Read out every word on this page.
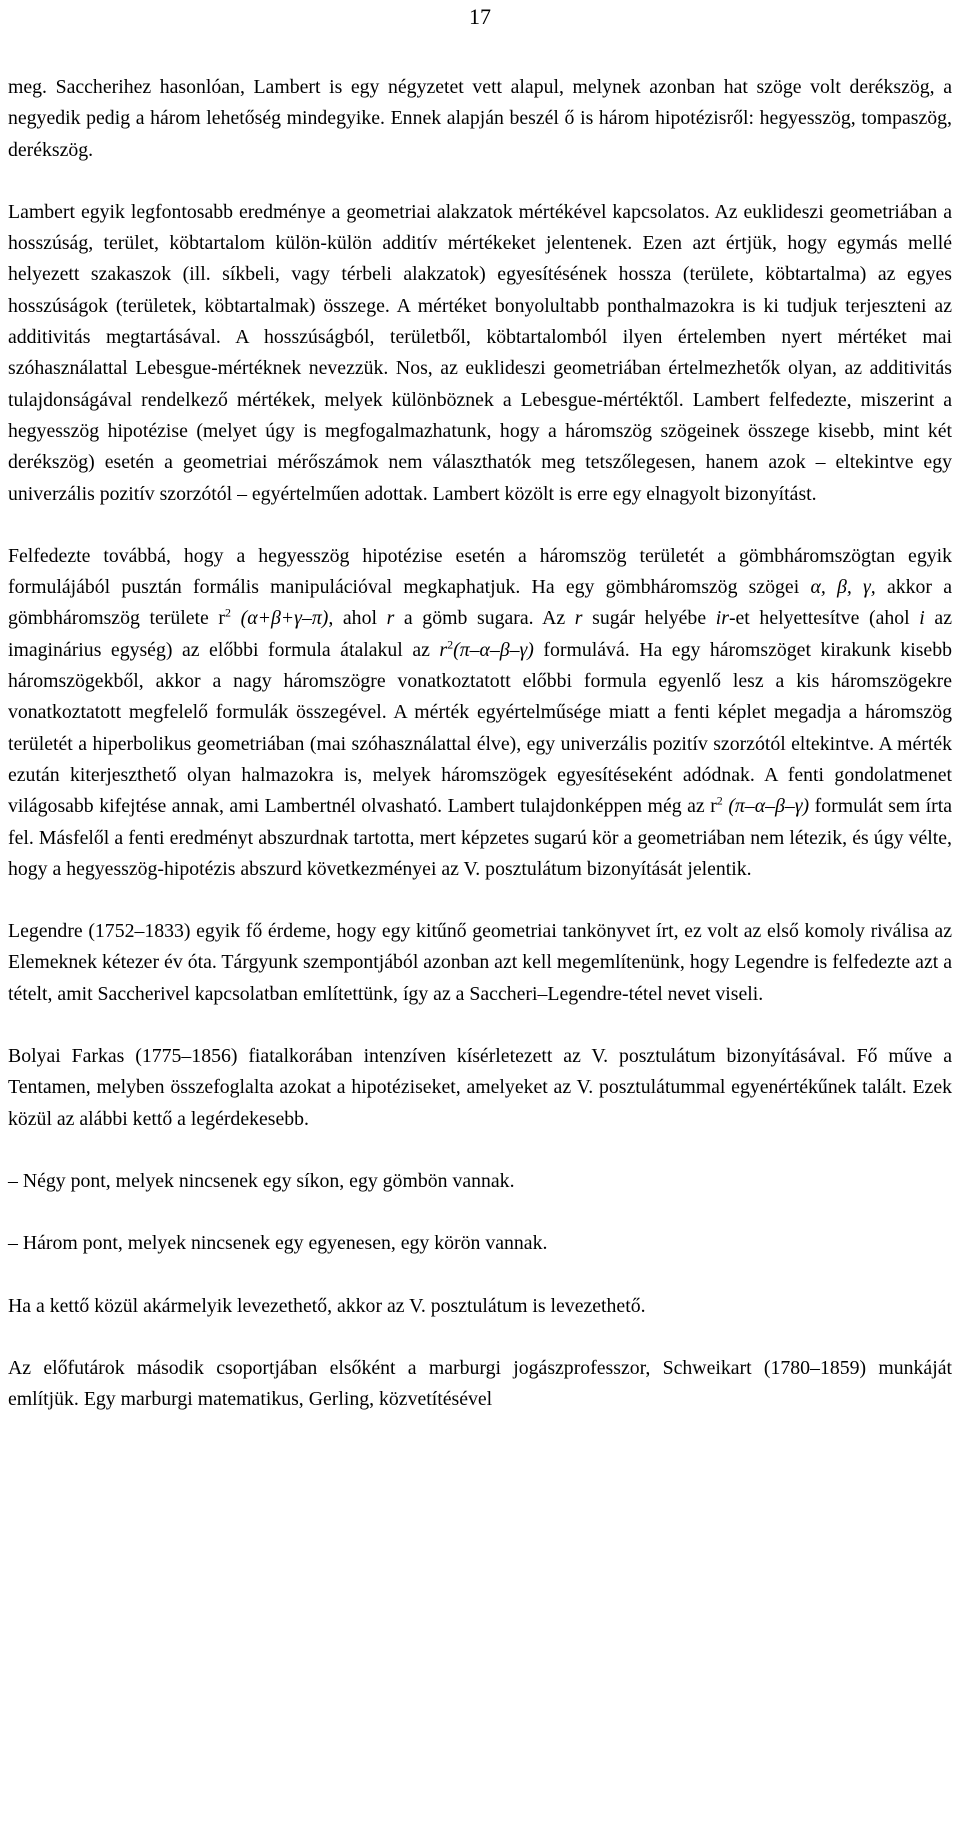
17

meg. Saccherihez hasonlóan, Lambert is egy négyzetet vett alapul, melynek azonban hat szöge volt derékszög, a negyedik pedig a három lehetőség mindegyike. Ennek alapján beszél ő is három hipotézisről: hegyesszög, tompaszög, derékszög.

Lambert egyik legfontosabb eredménye a geometriai alakzatok mértékével kapcsolatos. Az euklideszi geometriában a hosszúság, terület, köbtartalom külön-külön additív mértékeket jelentenek. Ezen azt értjük, hogy egymás mellé helyezett szakaszok (ill. síkbeli, vagy térbeli alakzatok) egyesítésének hossza (területe, köbtartalma) az egyes hosszúságok (területek, köbtartalmak) összege. A mértéket bonyolultabb ponthalmazokra is ki tudjuk terjeszteni az additivitás megtartásával. A hosszúságból, területből, köbtartalomból ilyen értelemben nyert mértéket mai szóhasználattal Lebesgue-mértéknek nevezzük. Nos, az euklideszi geometriában értelmezhetők olyan, az additivitás tulajdonságával rendelkező mértékek, melyek különböznek a Lebesgue-mértéktől. Lambert felfedezte, miszerint a hegyesszög hipotézise (melyet úgy is megfogalmazhatunk, hogy a háromszög szögeinek összege kisebb, mint két derékszög) esetén a geometriai mérőszámok nem választhatók meg tetszőlegesen, hanem azok – eltekintve egy univerzális pozitív szorzótól – egyértelműen adottak. Lambert közölt is erre egy elnagyolt bizonyítást.

Felfedezte továbbá, hogy a hegyesszög hipotézise esetén a háromszög területét a gömbháromszögtan egyik formulájából pusztán formális manipulációval megkaphatjuk. Ha egy gömbháromszög szögei α, β, γ, akkor a gömbháromszög területe $r^2$ (α+β+γ–π), ahol r a gömb sugara. Az r sugár helyébe ir-et helyettesítve (ahol i az imaginárius egység) az előbbi formula átalakul az $r^2(\pi-\alpha-\beta-\gamma)$ formulává. Ha egy háromszöget kirakunk kisebb háromszögekből, akkor a nagy háromszögre vonatkoztatott előbbi formula egyenlő lesz a kis háromszögekre vonatkoztatott megfelelő formulák összegével. A mérték egyértelműsége miatt a fenti képlet megadja a háromszög területét a hiperbolikus geometriában (mai szóhasználattal élve), egy univerzális pozitív szorzótól eltekintve. A mérték ezután kiterjeszthető olyan halmazokra is, melyek háromszögek egyesítéseként adódnak. A fenti gondolatmenet világosabb kifejtése annak, ami Lambertnél olvasható. Lambert tulajdonképpen még az $r^2$ (π–α–β–γ) formulát sem írta fel. Másfelől a fenti eredményt abszurdnak tartotta, mert képzetes sugarú kör a geometriában nem létezik, és úgy vélte, hogy a hegyesszög-hipotézis abszurd következményei az V. posztulátum bizonyítását jelentik.

Legendre (1752–1833) egyik fő érdeme, hogy egy kitűnő geometriai tankönyvet írt, ez volt az első komoly riválisa az Elemeknek kétezer év óta. Tárgyunk szempontjából azonban azt kell megemlítenünk, hogy Legendre is felfedezte azt a tételt, amit Saccherivel kapcsolatban említettünk, így az a Saccheri–Legendre-tétel nevet viseli.

Bolyai Farkas (1775–1856) fiatalkorában intenzíven kísérletezett az V. posztulátum bizonyításával. Fő műve a Tentamen, melyben összefoglalta azokat a hipotéziseket, amelyeket az V. posztulátummal egyenértékűnek talált. Ezek közül az alábbi kettő a legérdekesebb.

– Négy pont, melyek nincsenek egy síkon, egy gömbön vannak.

– Három pont, melyek nincsenek egy egyenesen, egy körön vannak.

Ha a kettő közül akármelyik levezethető, akkor az V. posztulátum is levezethető.

Az előfutárok második csoportjában elsőként a marburgi jogászprofesszor, Schweikart (1780–1859) munkáját említjük. Egy marburgi matematikus, Gerling, közvetítésével
